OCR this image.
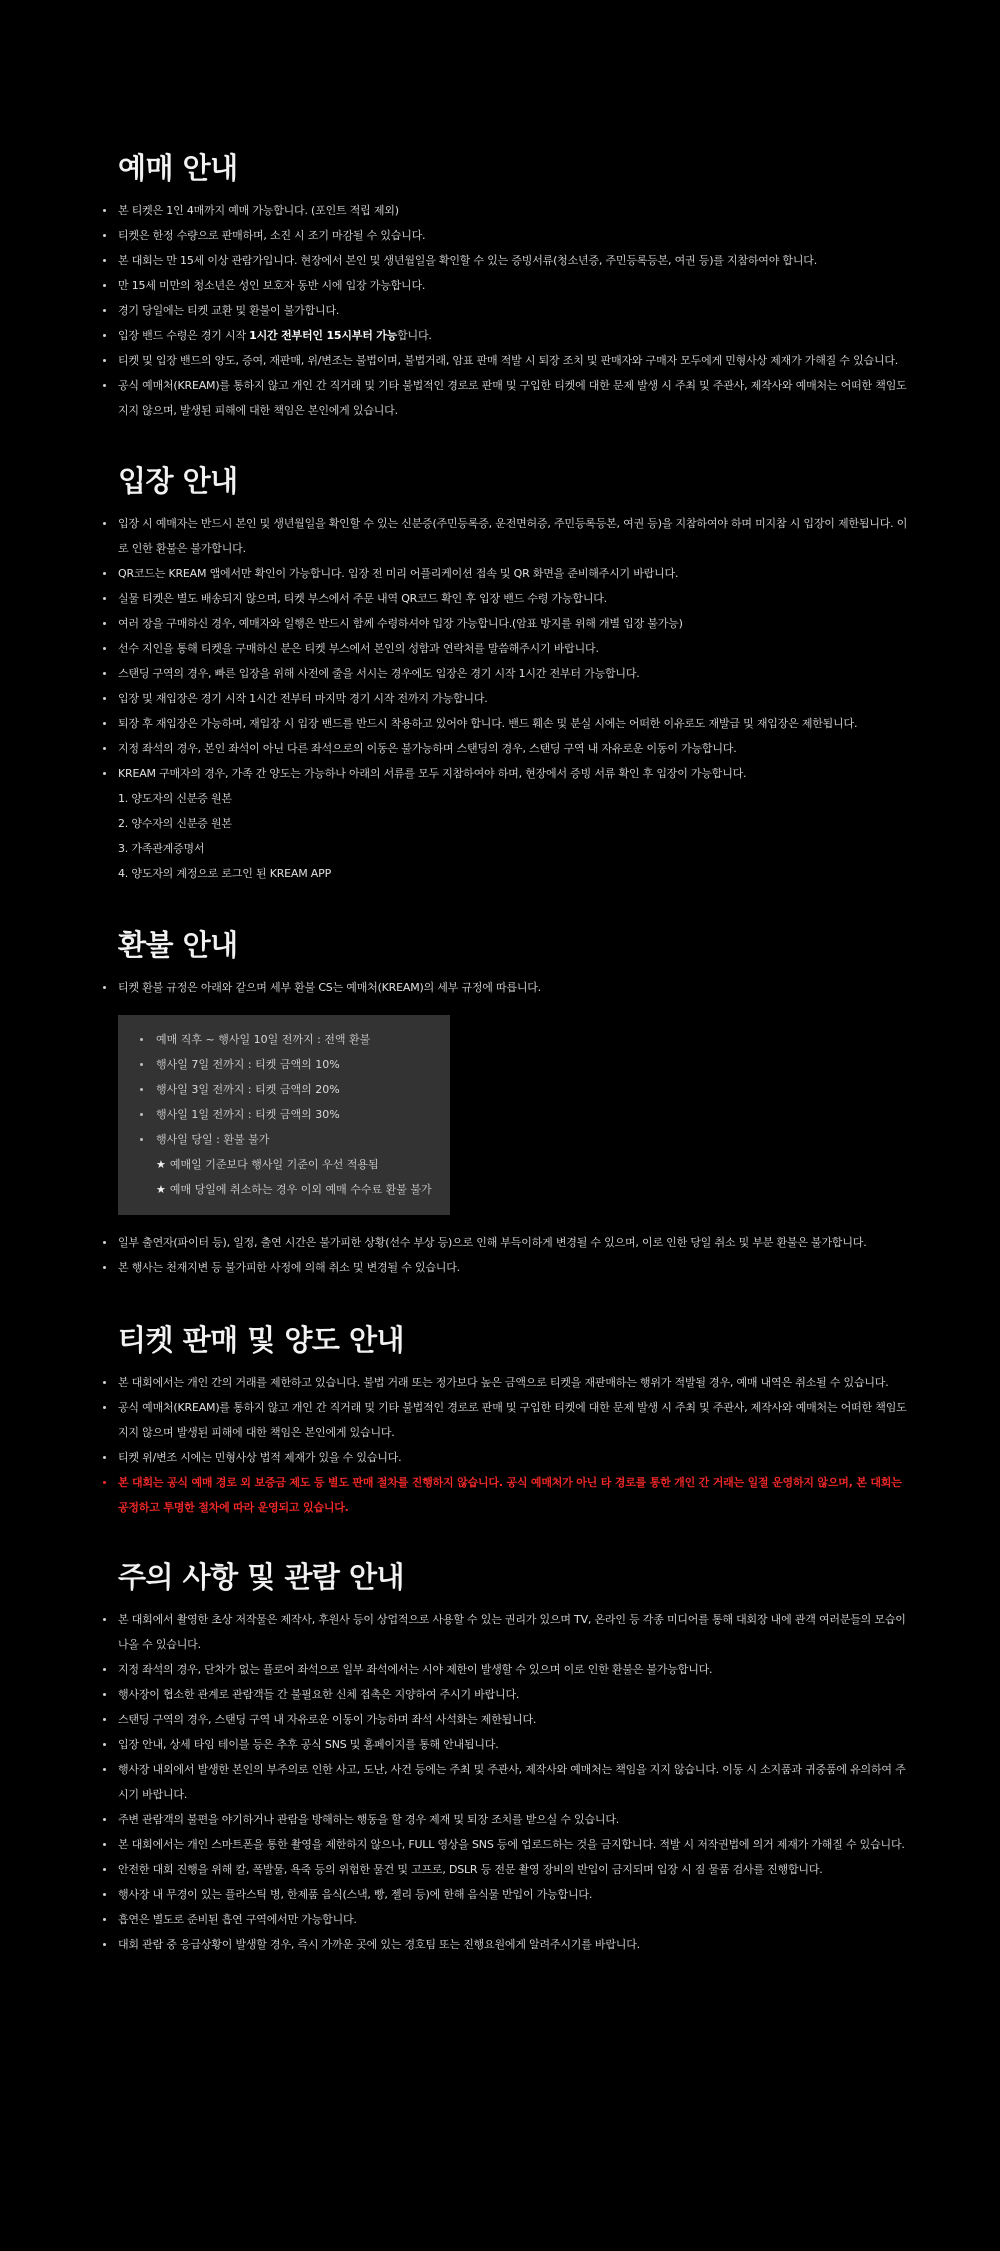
예매 안내
본 티켓은 1인 4매까지 예매 가능합니다. (포인트 적립 제외)
티켓은 한정 수량으로 판매하며, 소진 시 조기 마감될 수 있습니다.
본 대회는 만 15세 이상 관람가입니다. 현장에서 본인 및 생년월일을 확인할 수 있는 증빙서류(청소년증, 주민등록등본, 여권 등)를 지참하여야 합니다.
만 15세 미만의 청소년은 성인 보호자 동반 시에 입장 가능합니다.
경기 당일에는 티켓 교환 및 환불이 불가합니다.
입장 밴드 수령은 경기 시작 1시간 전부터인 15시부터 가능합니다.
티켓 및 입장 밴드의 양도, 증여, 재판매, 위/변조는 불법이며, 불법거래, 암표 판매 적발 시 퇴장 조치 및 판매자와 구매자 모두에게 민형사상 제재가 가해질 수 있습니다.
공식 예매처(KREAM)를 통하지 않고 개인 간 직거래 및 기타 불법적인 경로로 판매 및 구입한 티켓에 대한 문제 발생 시 주최 및 주관사, 제작사와 예매처는 어떠한 책임도 지지 않으며, 발생된 피해에 대한 책임은 본인에게 있습니다.
입장 안내
입장 시 예매자는 반드시 본인 및 생년월일을 확인할 수 있는 신분증(주민등록증, 운전면허증, 주민등록등본, 여권 등)을 지참하여야 하며 미지참 시 입장이 제한됩니다. 이로 인한 환불은 불가합니다.
QR코드는 KREAM 앱에서만 확인이 가능합니다. 입장 전 미리 어플리케이션 접속 및 QR 화면을 준비해주시기 바랍니다.
실물 티켓은 별도 배송되지 않으며, 티켓 부스에서 주문 내역 QR코드 확인 후 입장 밴드 수령 가능합니다.
여러 장을 구매하신 경우, 예매자와 일행은 반드시 함께 수령하셔야 입장 가능합니다.(암표 방지를 위해 개별 입장 불가능)
선수 지인을 통해 티켓을 구매하신 분은 티켓 부스에서 본인의 성함과 연락처를 말씀해주시기 바랍니다.
스탠딩 구역의 경우, 빠른 입장을 위해 사전에 줄을 서시는 경우에도 입장은 경기 시작 1시간 전부터 가능합니다.
입장 및 재입장은 경기 시작 1시간 전부터 마지막 경기 시작 전까지 가능합니다.
퇴장 후 재입장은 가능하며, 재입장 시 입장 밴드를 반드시 착용하고 있어야 합니다. 밴드 훼손 및 분실 시에는 어떠한 이유로도 재발급 및 재입장은 제한됩니다.
지정 좌석의 경우, 본인 좌석이 아닌 다른 좌석으로의 이동은 불가능하며 스탠딩의 경우, 스탠딩 구역 내 자유로운 이동이 가능합니다.
KREAM 구매자의 경우, 가족 간 양도는 가능하나 아래의 서류를 모두 지참하여야 하며, 현장에서 증빙 서류 확인 후 입장이 가능합니다.
1. 양도자의 신분증 원본
2. 양수자의 신분증 원본
3. 가족관계증명서
4. 양도자의 계정으로 로그인 된 KREAM APP
환불 안내
티켓 환불 규정은 아래와 같으며 세부 환불 CS는 예매처(KREAM)의 세부 규정에 따릅니다.
예매 직후 ~ 행사일 10일 전까지 : 전액 환불
행사일 7일 전까지 : 티켓 금액의 10%
행사일 3일 전까지 : 티켓 금액의 20%
행사일 1일 전까지 : 티켓 금액의 30%
행사일 당일 : 환불 불가
★ 예매일 기준보다 행사일 기준이 우선 적용됨
★ 예매 당일에 취소하는 경우 이외 예매 수수료 환불 불가
일부 출연자(파이터 등), 일정, 출연 시간은 불가피한 상황(선수 부상 등)으로 인해 부득이하게 변경될 수 있으며, 이로 인한 당일 취소 및 부분 환불은 불가합니다.
본 행사는 천재지변 등 불가피한 사정에 의해 취소 및 변경될 수 있습니다.
티켓 판매 및 양도 안내
본 대회에서는 개인 간의 거래를 제한하고 있습니다. 불법 거래 또는 정가보다 높은 금액으로 티켓을 재판매하는 행위가 적발될 경우, 예매 내역은 취소될 수 있습니다.
공식 예매처(KREAM)를 통하지 않고 개인 간 직거래 및 기타 불법적인 경로로 판매 및 구입한 티켓에 대한 문제 발생 시 주최 및 주관사, 제작사와 예매처는 어떠한 책임도 지지 않으며 발생된 피해에 대한 책임은 본인에게 있습니다.
티켓 위/변조 시에는 민형사상 법적 제재가 있을 수 있습니다.
본 대회는 공식 예매 경로 외 보증금 제도 등 별도 판매 절차를 진행하지 않습니다. 공식 예매처가 아닌 타 경로를 통한 개인 간 거래는 일절 운영하지 않으며, 본 대회는 공정하고 투명한 절차에 따라 운영되고 있습니다.
주의 사항 및 관람 안내
본 대회에서 촬영한 초상 저작물은 제작사, 후원사 등이 상업적으로 사용할 수 있는 권리가 있으며 TV, 온라인 등 각종 미디어를 통해 대회장 내에 관객 여러분들의 모습이 나올 수 있습니다.
지정 좌석의 경우, 단차가 없는 플로어 좌석으로 일부 좌석에서는 시야 제한이 발생할 수 있으며 이로 인한 환불은 불가능합니다.
행사장이 협소한 관계로 관람객들 간 불필요한 신체 접촉은 지양하여 주시기 바랍니다.
스탠딩 구역의 경우, 스탠딩 구역 내 자유로운 이동이 가능하며 좌석 사석화는 제한됩니다.
입장 안내, 상세 타임 테이블 등은 추후 공식 SNS 및 홈페이지를 통해 안내됩니다.
행사장 내외에서 발생한 본인의 부주의로 인한 사고, 도난, 사건 등에는 주최 및 주관사, 제작사와 예매처는 책임을 지지 않습니다. 이동 시 소지품과 귀중품에 유의하여 주시기 바랍니다.
주변 관람객의 불편을 야기하거나 관람을 방해하는 행동을 할 경우 제재 및 퇴장 조치를 받으실 수 있습니다.
본 대회에서는 개인 스마트폰을 통한 촬영을 제한하지 않으나, FULL 영상을 SNS 등에 업로드하는 것을 금지합니다. 적발 시 저작권법에 의거 제재가 가해질 수 있습니다.
안전한 대회 진행을 위해 칼, 폭발물, 욕죽 등의 위험한 물건 및 고프로, DSLR 등 전문 촬영 장비의 반입이 금지되며 입장 시 짐 물품 검사를 진행합니다.
행사장 내 무경이 있는 플라스틱 병, 한제품 음식(스낵, 빵, 젤리 등)에 한해 음식물 반입이 가능합니다.
흡연은 별도로 준비된 흡연 구역에서만 가능합니다.
대회 관람 중 응급상황이 발생할 경우, 즉시 가까운 곳에 있는 경호팀 또는 진행요원에게 알려주시기를 바랍니다.
